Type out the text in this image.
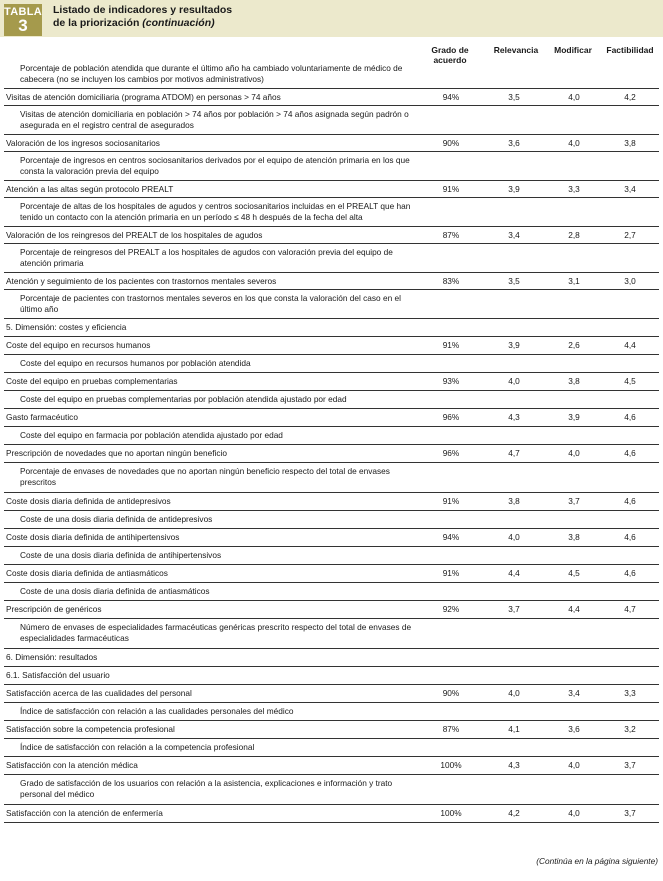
TABLA
3
Listado de indicadores y resultados
de la priorización (continuación)
Grado de acuerdo
Relevancia	Modificar	Factibilidad
Porcentaje de población atendida que durante el último año ha cambiado voluntariamente de médico de cabecera (no se incluyen los cambios por motivos administrativos)
Visitas de atención domiciliaria (programa ATDOM) en personas > 74 años	94%	3,5	4,0	4,2
Visitas de atención domiciliaria en población > 74 años por población > 74 años asignada según padrón o asegurada en el registro central de asegurados
Valoración de los ingresos sociosanitarios	90%	3,6	4,0	3,8
Porcentaje de ingresos en centros sociosanitarios derivados por el equipo de atención primaria en los que consta la valoración previa del equipo
Atención a las altas según protocolo PREALT	91%	3,9	3,3	3,4
Porcentaje de altas de los hospitales de agudos y centros sociosanitarios incluidas en el PREALT que han tenido un contacto con la atención primaria en un período ≤ 48 h después de la fecha del alta
Valoración de los reingresos del PREALT de los hospitales de agudos	87%	3,4	2,8	2,7
Porcentaje de reingresos del PREALT a los hospitales de agudos con valoración previa del equipo de atención primaria
Atención y seguimiento de los pacientes con trastornos mentales severos	83%	3,5	3,1	3,0
Porcentaje de pacientes con trastornos mentales severos en los que consta la valoración del caso en el último año
5. Dimensión: costes y eficiencia
Coste del equipo en recursos humanos	91%	3,9	2,6	4,4
Coste del equipo en recursos humanos por población atendida
Coste del equipo en pruebas complementarias	93%	4,0	3,8	4,5
Coste del equipo en pruebas complementarias por población atendida ajustado por edad
Gasto farmacéutico	96%	4,3	3,9	4,6
Coste del equipo en farmacia por población atendida ajustado por edad
Prescripción de novedades que no aportan ningún beneficio	96%	4,7	4,0	4,6
Porcentaje de envases de novedades que no aportan ningún beneficio respecto del total de envases prescritos
Coste dosis diaria definida de antidepresivos	91%	3,8	3,7	4,6
Coste de una dosis diaria definida de antidepresivos
Coste dosis diaria definida de antihipertensivos	94%	4,0	3,8	4,6
Coste de una dosis diaria definida de antihipertensivos
Coste dosis diaria definida de antiasmáticos	91%	4,4	4,5	4,6
Coste de una dosis diaria definida de antiasmáticos
Prescripción de genéricos	92%	3,7	4,4	4,7
Número de envases de especialidades farmacéuticas genéricas prescrito respecto del total de envases de especialidades farmacéuticas
6. Dimensión: resultados
6.1. Satisfacción del usuario
Satisfacción acerca de las cualidades del personal	90%	4,0	3,4	3,3
Índice de satisfacción con relación a las cualidades personales del médico
Satisfacción sobre la competencia profesional	87%	4,1	3,6	3,2
Índice de satisfacción con relación a la competencia profesional
Satisfacción con la atención médica	100%	4,3	4,0	3,7
Grado de satisfacción de los usuarios con relación a la asistencia, explicaciones e información y trato personal del médico
Satisfacción con la atención de enfermería	100%	4,2	4,0	3,7
(Continúa en la página siguiente)
